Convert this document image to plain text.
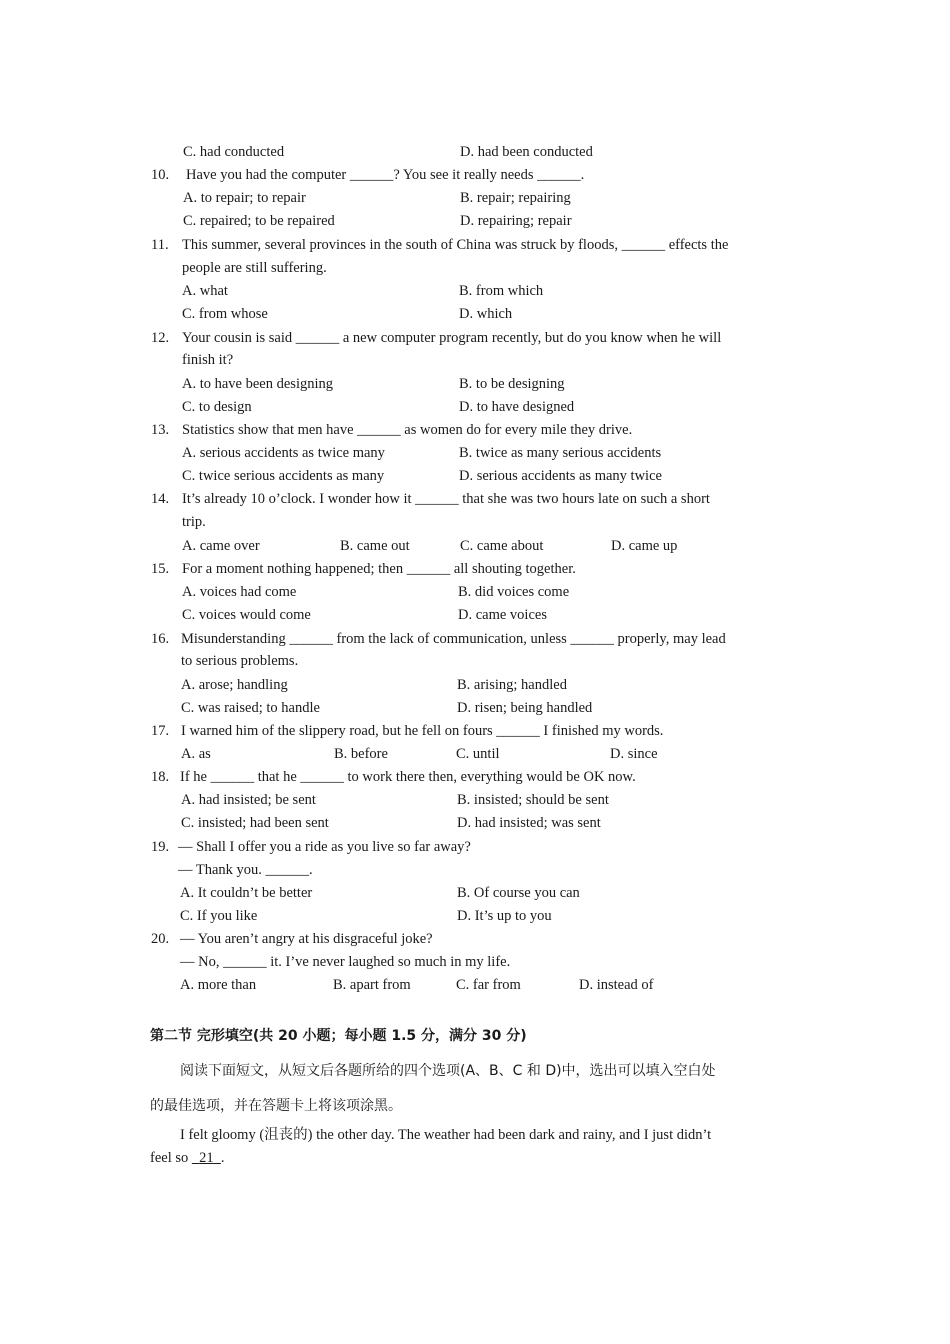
C. had conducted	D. had been conducted
10. Have you had the computer ______? You see it really needs ______.
A. to repair; to repair	B. repair; repairing
C. repaired; to be repaired	D. repairing; repair
11. This summer, several provinces in the south of China was struck by floods, ______ effects the
people are still suffering.
A. what	B. from which
C. from whose	D. which
12. Your cousin is said ______ a new computer program recently, but do you know when he will
finish it?
A. to have been designing	B. to be designing
C. to design	D. to have designed
13. Statistics show that men have ______ as women do for every mile they drive.
A. serious accidents as twice many	B. twice as many serious accidents
C. twice serious accidents as many	D. serious accidents as many twice
14. It’s already 10 o’clock. I wonder how it ______ that she was two hours late on such a short
trip.
A. came over	B. came out	C. came about	D. came up
15. For a moment nothing happened; then ______ all shouting together.
A. voices had come	B. did voices come
C. voices would come	D. came voices
16. Misunderstanding ______ from the lack of communication, unless ______ properly, may lead
to serious problems.
A. arose; handling	B. arising; handled
C. was raised; to handle	D. risen; being handled
17. I warned him of the slippery road, but he fell on fours ______ I finished my words.
A. as	B. before	C. until	D. since
18. If he ______ that he ______ to work there then, everything would be OK now.
A. had insisted; be sent	B. insisted; should be sent
C. insisted; had been sent	D. had insisted; was sent
19. — Shall I offer you a ride as you live so far away?
— Thank you. ______.
A. It couldn’t be better	B. Of course you can
C. If you like	D. It’s up to you
20. — You aren’t angry at his disgraceful joke?
— No, ______ it. I’ve never laughed so much in my life.
A. more than	B. apart from	C. far from	D. instead of
第二节 完形填空(共 20 小题；每小题 1.5 分，满分 30 分)
阅读下面短文，从短文后各题所给的四个选项(A、B、C 和 D)中，选出可以填入空白处
的最佳选项，并在答题卡上将该项涂黑。
I felt gloomy (沮丧的) the other day. The weather had been dark and rainy, and I just didn’t
feel so 21 .
